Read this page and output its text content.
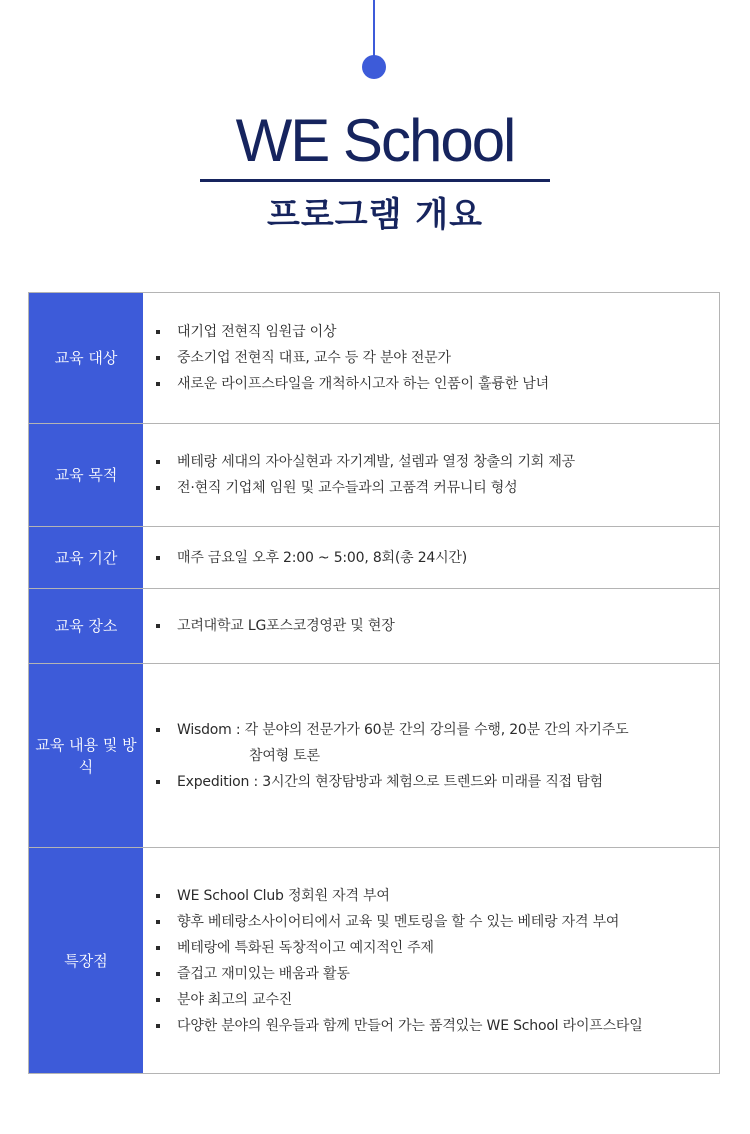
WE School
프로그램 개요
교육 대상
대기업 전현직 임원급 이상
중소기업 전현직 대표, 교수 등 각 분야 전문가
새로운 라이프스타일을 개척하시고자 하는 인품이 훌륭한 남녀
교육 목적
베테랑 세대의 자아실현과 자기계발, 설렘과 열정 창출의 기회 제공
전·현직 기업체 임원 및 교수들과의 고품격 커뮤니티 형성
교육 기간	매주 금요일 오후 2:00 ~ 5:00, 8회(총 24시간)
교육 장소	고려대학교 LG포스코경영관 및 현장
교육 내용 및 방식
Wisdom : 각 분야의 전문가가 60분 간의 강의를 수행, 20분 간의 자기주도
참여형 토론
Expedition : 3시간의 현장탐방과 체험으로 트렌드와 미래를 직접 탐험
특장점
WE School Club 정회원 자격 부여
향후 베테랑소사이어티에서 교육 및 멘토링을 할 수 있는 베테랑 자격 부여
베테랑에 특화된 독창적이고 예지적인 주제
즐겁고 재미있는 배움과 활동
분야 최고의 교수진
다양한 분야의 원우들과 함께 만들어 가는 품격있는 WE School 라이프스타일
